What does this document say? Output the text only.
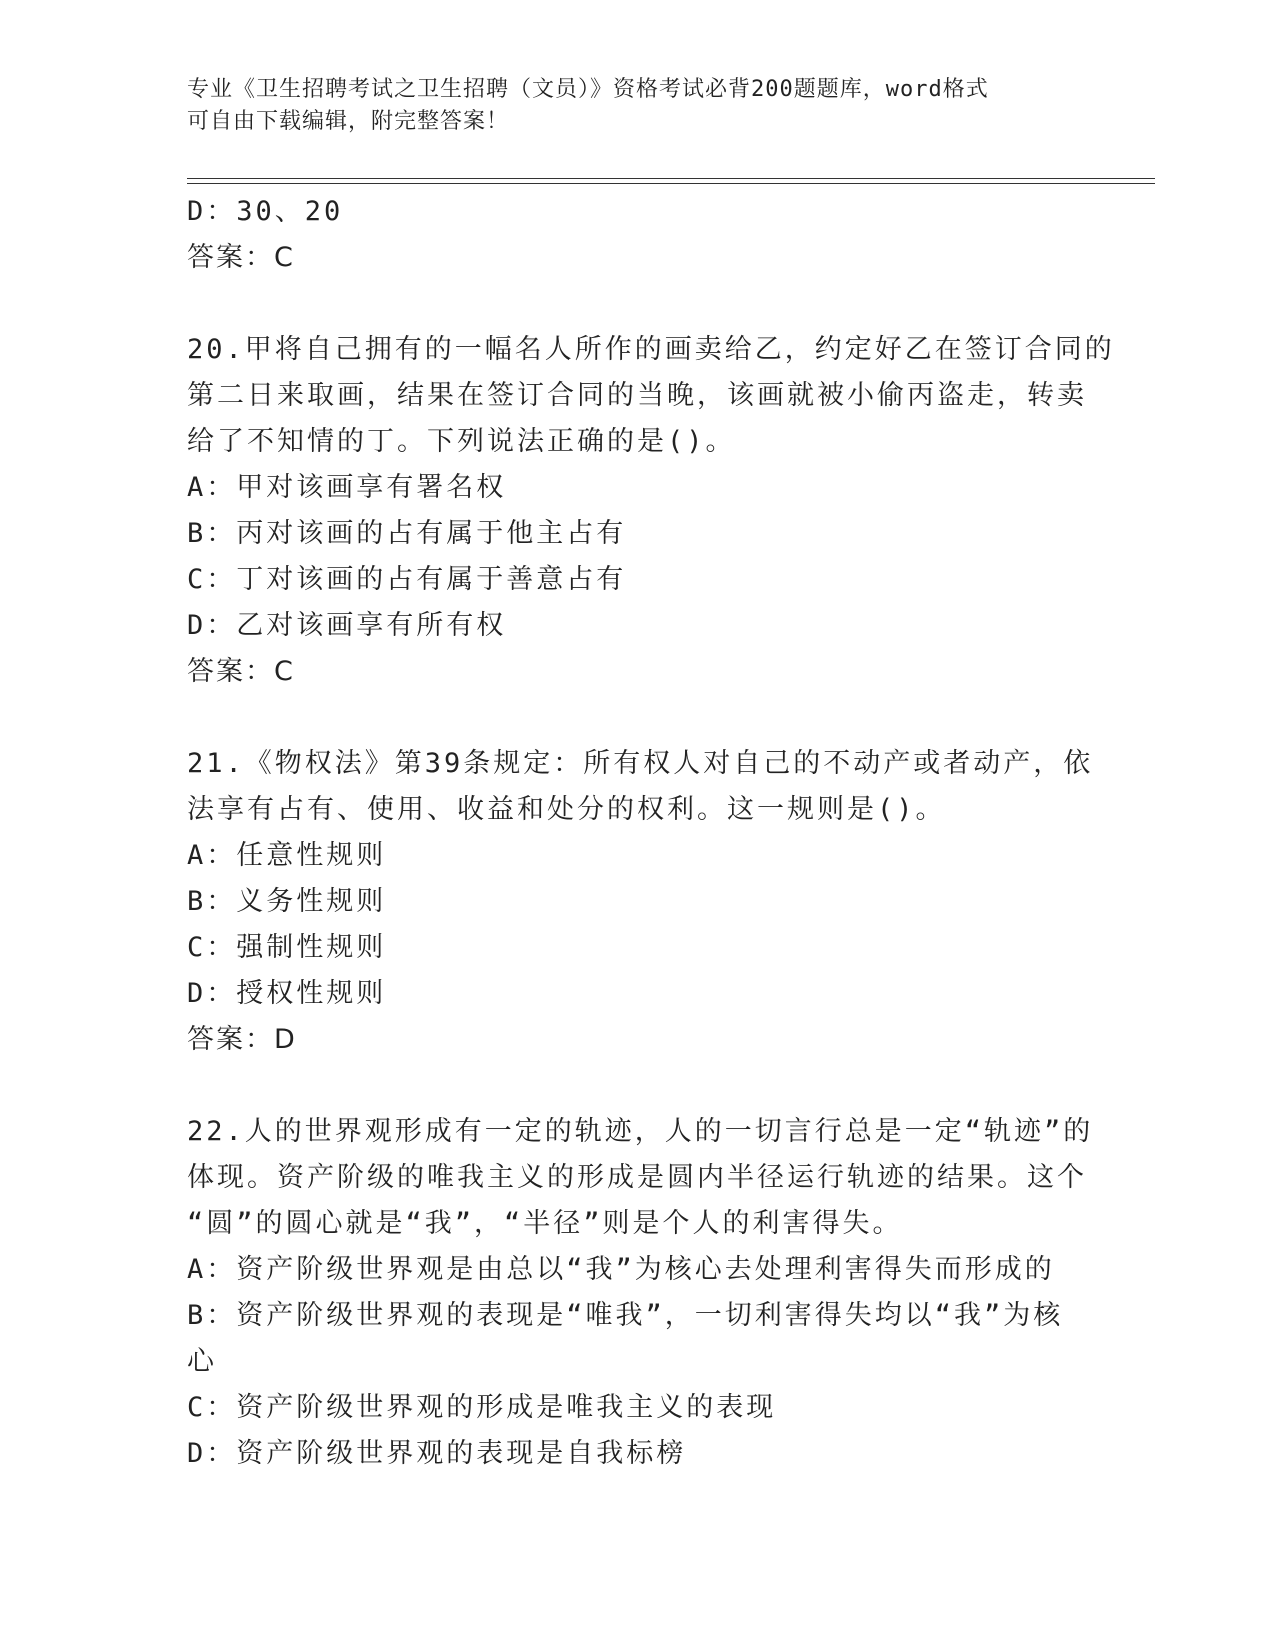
专业《卫生招聘考试之卫生招聘（文员）》资格考试必背200题题库，word格式
可自由下载编辑，附完整答案！
D：30、20
答案：C
20.甲将自己拥有的一幅名人所作的画卖给乙，约定好乙在签订合同的
第二日来取画，结果在签订合同的当晚，该画就被小偷丙盗走，转卖
给了不知情的丁。下列说法正确的是()。
A：甲对该画享有署名权
B：丙对该画的占有属于他主占有
C：丁对该画的占有属于善意占有
D：乙对该画享有所有权
答案：C
21.《物权法》第39条规定：所有权人对自己的不动产或者动产，依
法享有占有、使用、收益和处分的权利。这一规则是()。
A：任意性规则
B：义务性规则
C：强制性规则
D：授权性规则
答案：D
22.人的世界观形成有一定的轨迹，人的一切言行总是一定“轨迹”的
体现。资产阶级的唯我主义的形成是圆内半径运行轨迹的结果。这个
“圆”的圆心就是“我”，“半径”则是个人的利害得失。
A：资产阶级世界观是由总以“我”为核心去处理利害得失而形成的
B：资产阶级世界观的表现是“唯我”，一切利害得失均以“我”为核
心
C：资产阶级世界观的形成是唯我主义的表现
D：资产阶级世界观的表现是自我标榜
